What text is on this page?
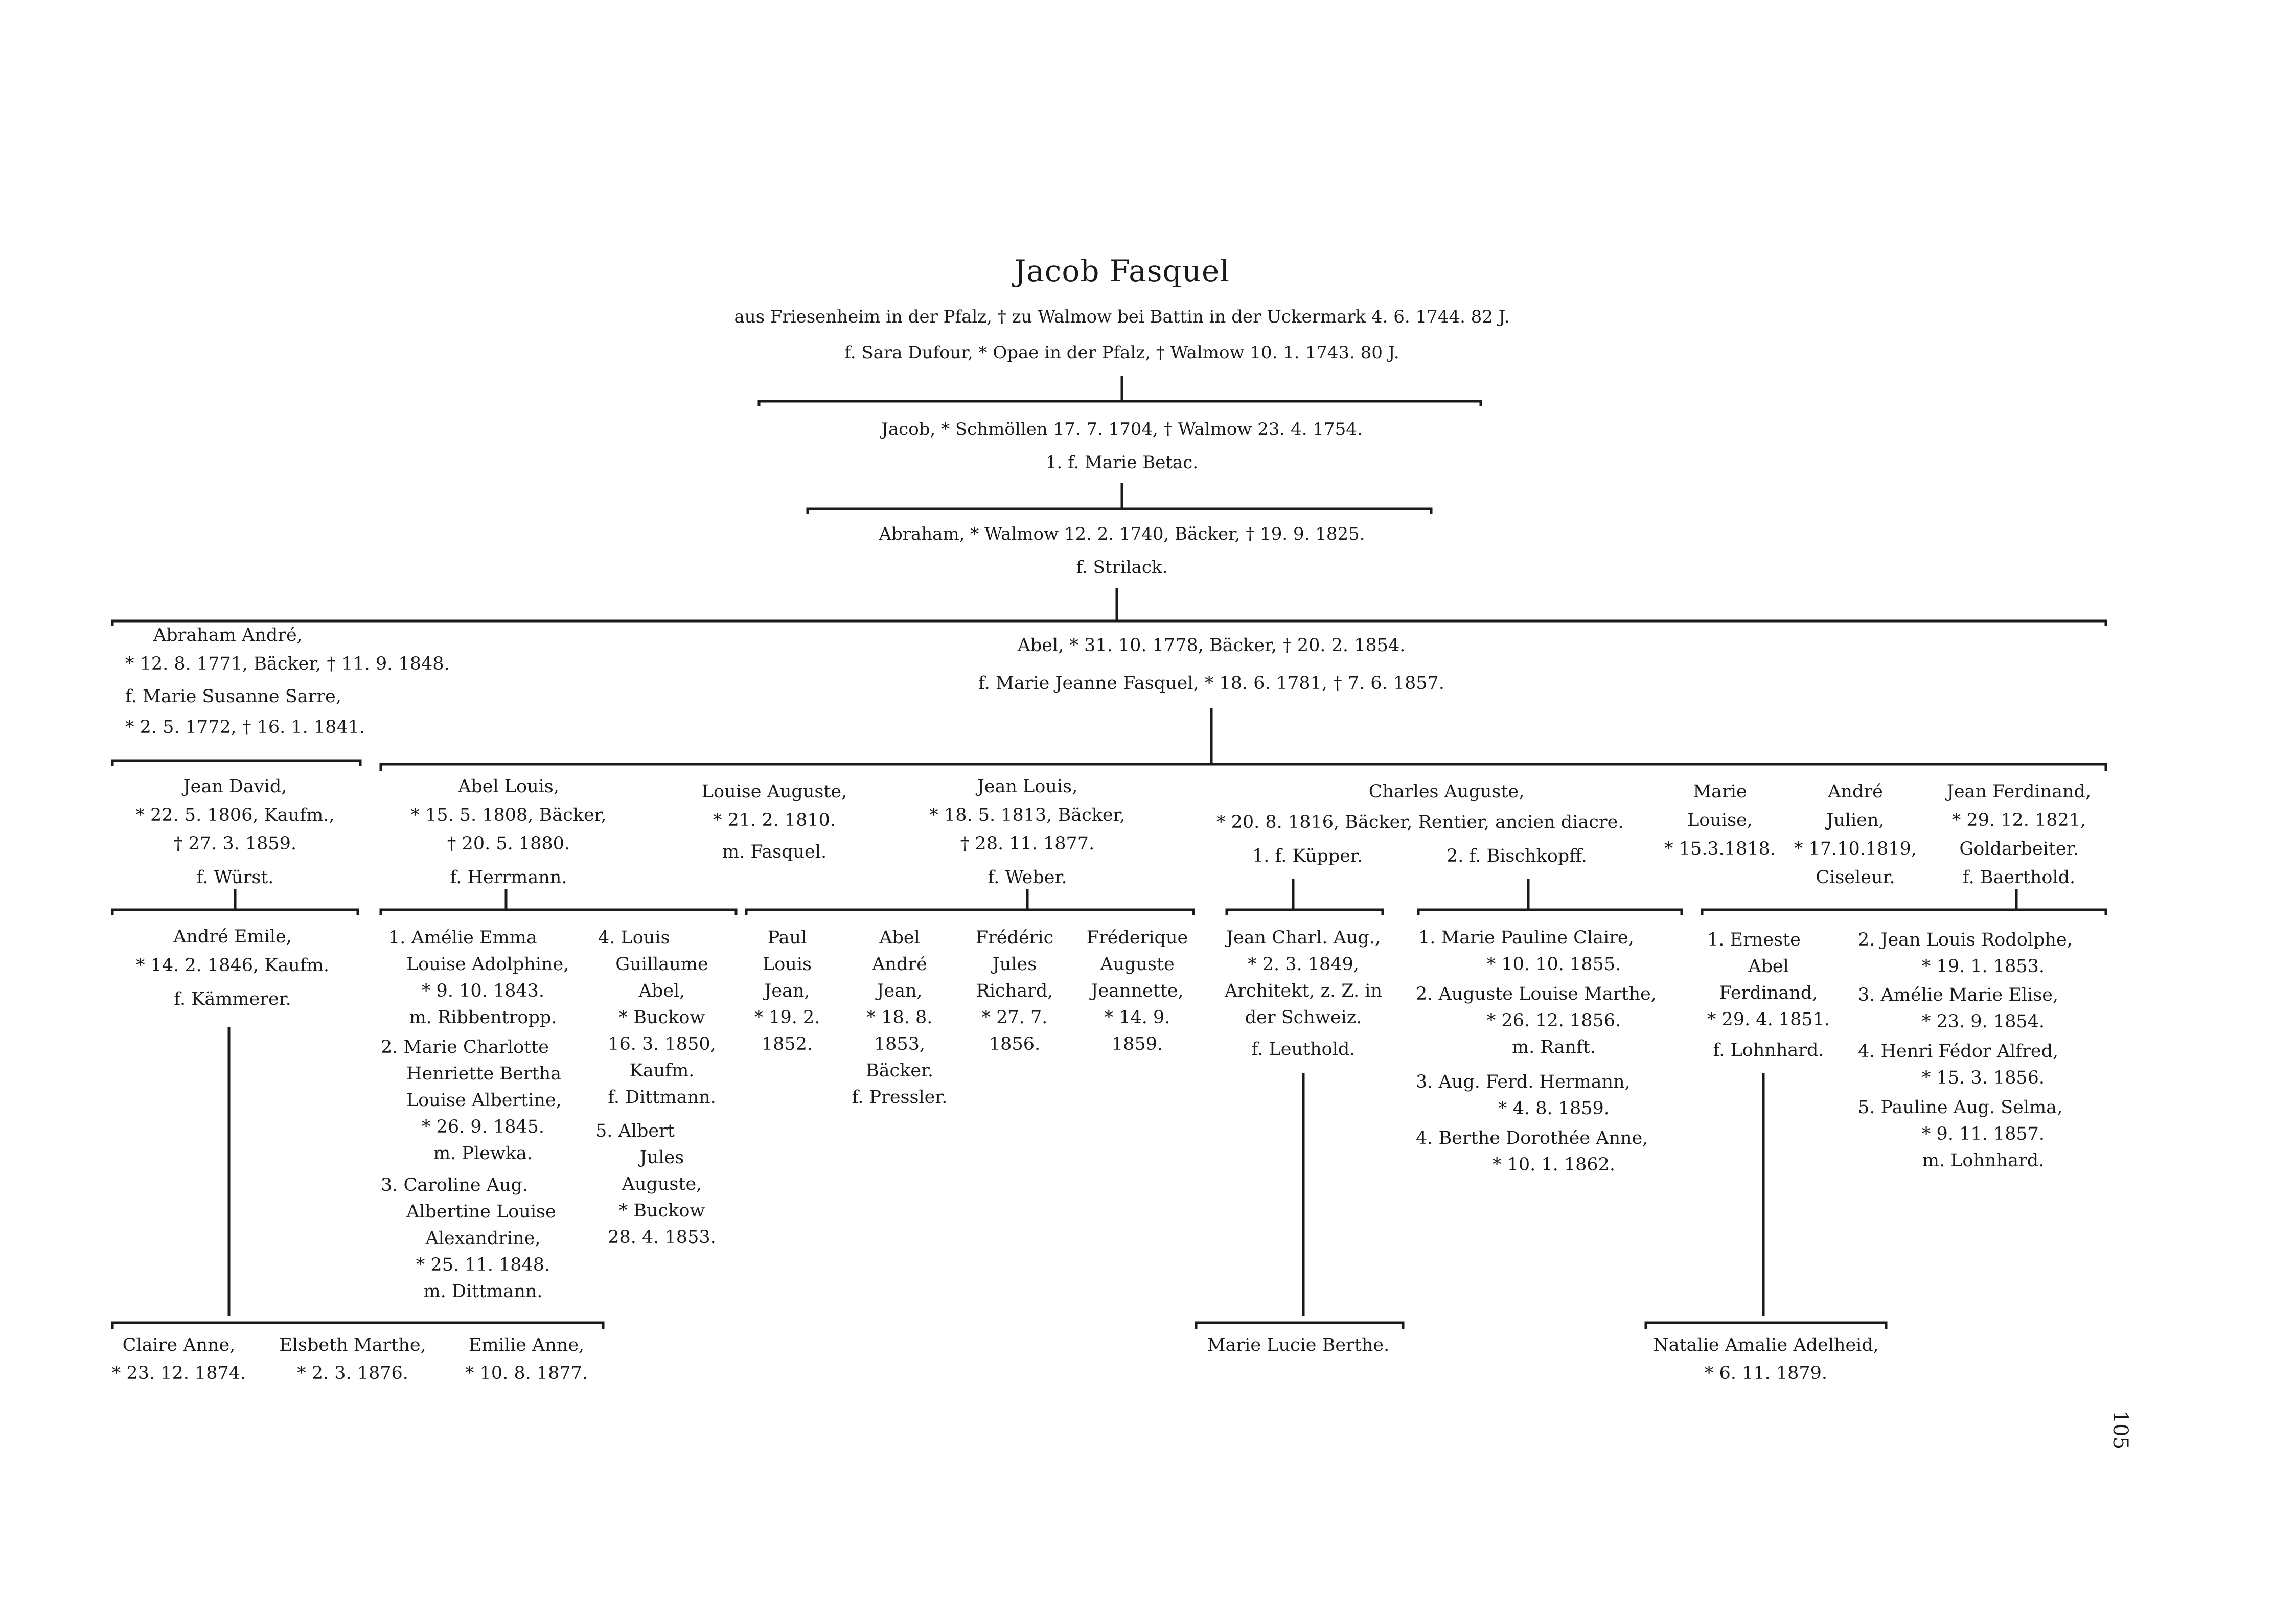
Jacob Fasquel
aus Friesenheim in der Pfalz, † zu Walmow bei Battin in der Uckermark 4. 6. 1744. 82 J.
f. Sara Dufour, * Opae in der Pfalz, † Walmow 10. 1. 1743. 80 J.
Jacob, * Schmöllen 17. 7. 1704, † Walmow 23. 4. 1754.
1. f. Marie Betac.
Abraham, * Walmow 12. 2. 1740, Bäcker, † 19. 9. 1825.
f. Strilack.
Abraham André,
* 12. 8. 1771, Bäcker, † 11. 9. 1848.
f. Marie Susanne Sarre,
* 2. 5. 1772, † 16. 1. 1841.
Abel, * 31. 10. 1778, Bäcker, † 20. 2. 1854.
f. Marie Jeanne Fasquel, * 18. 6. 1781, † 7. 6. 1857.
Jean David,
* 22. 5. 1806, Kaufm.,
† 27. 3. 1859.
f. Würst.
Abel Louis,
* 15. 5. 1808, Bäcker,
† 20. 5. 1880.
f. Herrmann.
Louise Auguste,
* 21. 2. 1810.
m. Fasquel.
Jean Louis,
* 18. 5. 1813, Bäcker,
† 28. 11. 1877.
f. Weber.
Charles Auguste,
* 20. 8. 1816, Bäcker, Rentier, ancien diacre.
1. f. Küpper.	2. f. Bischkopff.
Marie
Louise,
* 15.3.1818.
André
Julien,
* 17.10.1819,
Ciseleur.
Jean Ferdinand,
* 29. 12. 1821,
Goldarbeiter.
f. Baerthold.
André Emile,
* 14. 2. 1846, Kaufm.
f. Kämmerer.
1. Amélie Emma
Louise Adolphine,
* 9. 10. 1843.
m. Ribbentropp.
2. Marie Charlotte
Henriette Bertha
Louise Albertine,
* 26. 9. 1845.
m. Plewka.
3. Caroline Aug.
Albertine Louise
Alexandrine,
* 25. 11. 1848.
m. Dittmann.
4. Louis
Guillaume
Abel,
* Buckow
16. 3. 1850,
Kaufm.
f. Dittmann.
5. Albert
Jules
Auguste,
* Buckow
28. 4. 1853.
Paul
Louis
Jean,
* 19. 2.
1852.
Abel
André
Jean,
* 18. 8.
1853,
Bäcker.
f. Pressler.
Frédéric
Jules
Richard,
* 27. 7.
1856.
Fréderique
Auguste
Jeannette,
* 14. 9.
1859.
Jean Charl. Aug.,
* 2. 3. 1849,
Architekt, z. Z. in
der Schweiz.
f. Leuthold.
1. Marie Pauline Claire,
* 10. 10. 1855.
2. Auguste Louise Marthe,
* 26. 12. 1856.
m. Ranft.
3. Aug. Ferd. Hermann,
* 4. 8. 1859.
4. Berthe Dorothée Anne,
* 10. 1. 1862.
1. Erneste
Abel
Ferdinand,
* 29. 4. 1851.
f. Lohnhard.
2. Jean Louis Rodolphe,
* 19. 1. 1853.
3. Amélie Marie Elise,
* 23. 9. 1854.
4. Henri Fédor Alfred,
* 15. 3. 1856.
5. Pauline Aug. Selma,
* 9. 11. 1857.
m. Lohnhard.
Claire Anne,
* 23. 12. 1874.
Elsbeth Marthe,
* 2. 3. 1876.
Emilie Anne,
* 10. 8. 1877.
Marie Lucie Berthe.	Natalie Amalie Adelheid,
* 6. 11. 1879.
105
